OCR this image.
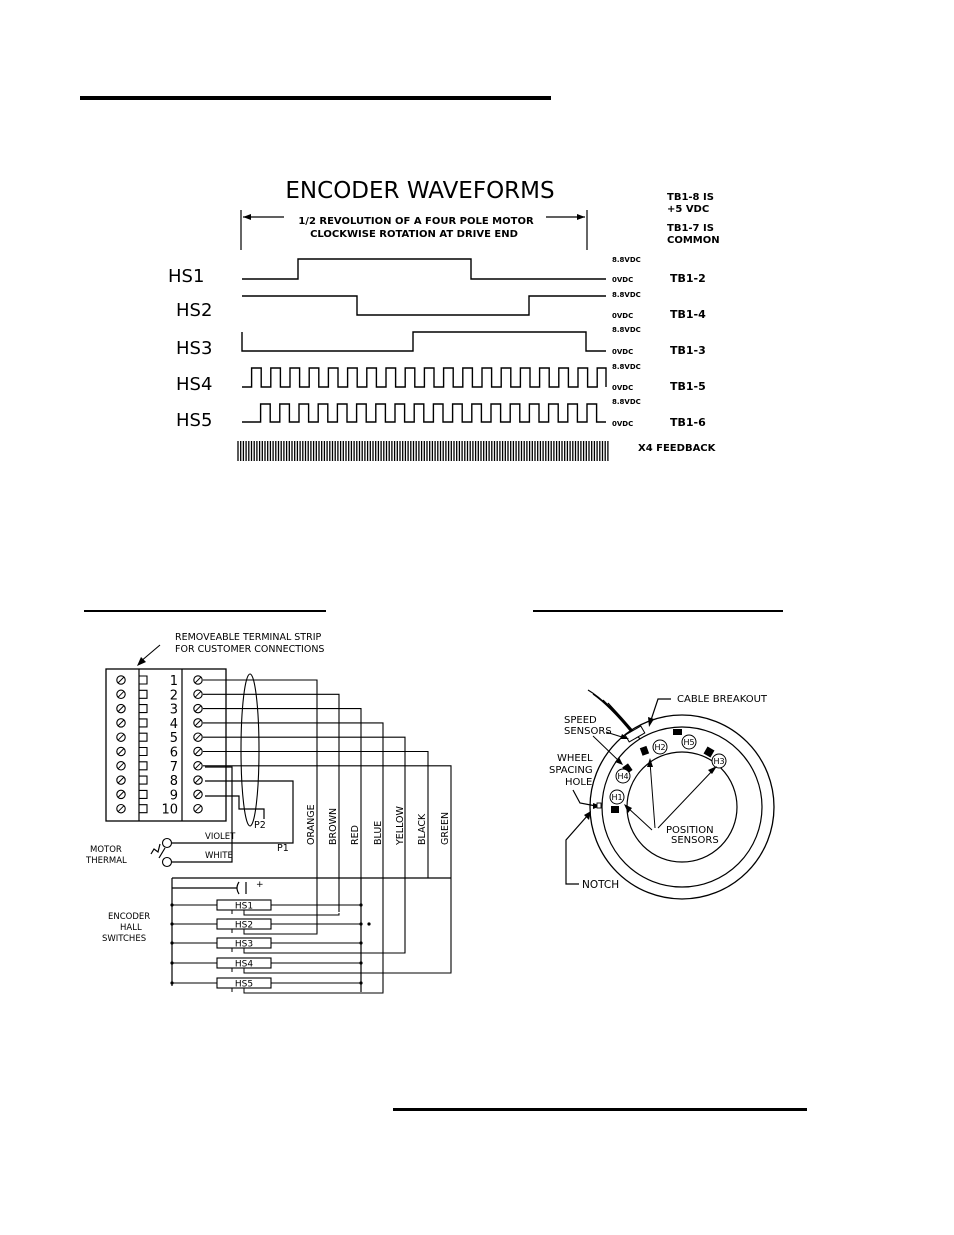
ENCODER WAVEFORMS
1/2 REVOLUTION OF A FOUR POLE MOTOR
CLOCKWISE ROTATION AT DRIVE END
TB1-8 IS
+5 VDC
TB1-7 IS
COMMON
HS1
8.8VDC
0VDC	TB1-2
HS2
8.8VDC
0VDC	TB1-4
HS3
8.8VDC
0VDC	TB1-3
HS4
8.8VDC
0VDC	TB1-5
HS5
8.8VDC
0VDC	TB1-6
X4 FEEDBACK
REMOVEABLE TERMINAL STRIP
FOR CUSTOMER CONNECTIONS
1
2
3
4
5
6
7
8
9
10	ORANGE BROWN RED BLUE YELLOW BLACK GREEN
P2
P1
VIOLET
WHITE
MOTOR
THERMAL
ENCODER
HALL
SWITCHES
+
HS1
HS2
HS3
HS4
HS5
H1
H2
H3
H4
H5
CABLE BREAKOUT
SPEED
SENSORS
WHEEL
SPACING
HOLE
POSITION
SENSORS
NOTCH
